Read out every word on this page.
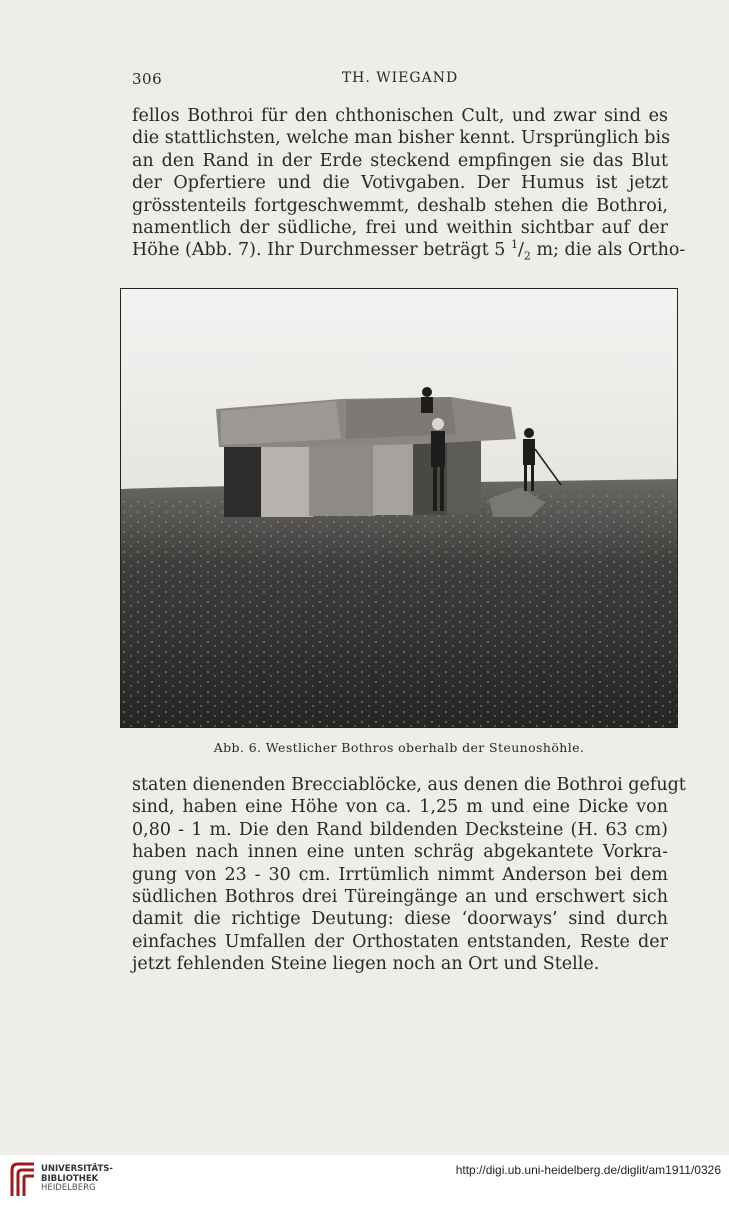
306	TH. WIEGAND
fellos Bothroi für den chthonischen Cult, und zwar sind es
die stattlichsten, welche man bisher kennt. Ursprünglich bis
an den Rand in der Erde steckend empfingen sie das Blut
der Opfertiere und die Votivgaben. Der Humus ist jetzt
grösstenteils fortgeschwemmt, deshalb stehen die Bothroi,
namentlich der südliche, frei und weithin sichtbar auf der
Höhe (Abb. 7). Ihr Durchmesser beträgt 5 $^1/_2$ m; die als Ortho-
Abb. 6. Westlicher Bothros oberhalb der Steunoshöhle.
staten dienenden Brecciablöcke, aus denen die Bothroi gefugt
sind, haben eine Höhe von ca. 1,25 m und eine Dicke von
0,80 - 1 m. Die den Rand bildenden Decksteine (H. 63 cm)
haben nach innen eine unten schräg abgekantete Vorkra-
gung von 23 - 30 cm. Irrtümlich nimmt Anderson bei dem
südlichen Bothros drei Türeingänge an und erschwert sich
damit die richtige Deutung: diese ‘doorways’ sind durch
einfaches Umfallen der Orthostaten entstanden, Reste der
jetzt fehlenden Steine liegen noch an Ort und Stelle.
UNIVERSITÄTS-
BIBLIOTHEK
HEIDELBERG
http://digi.ub.uni-heidelberg.de/diglit/am1911/0326
